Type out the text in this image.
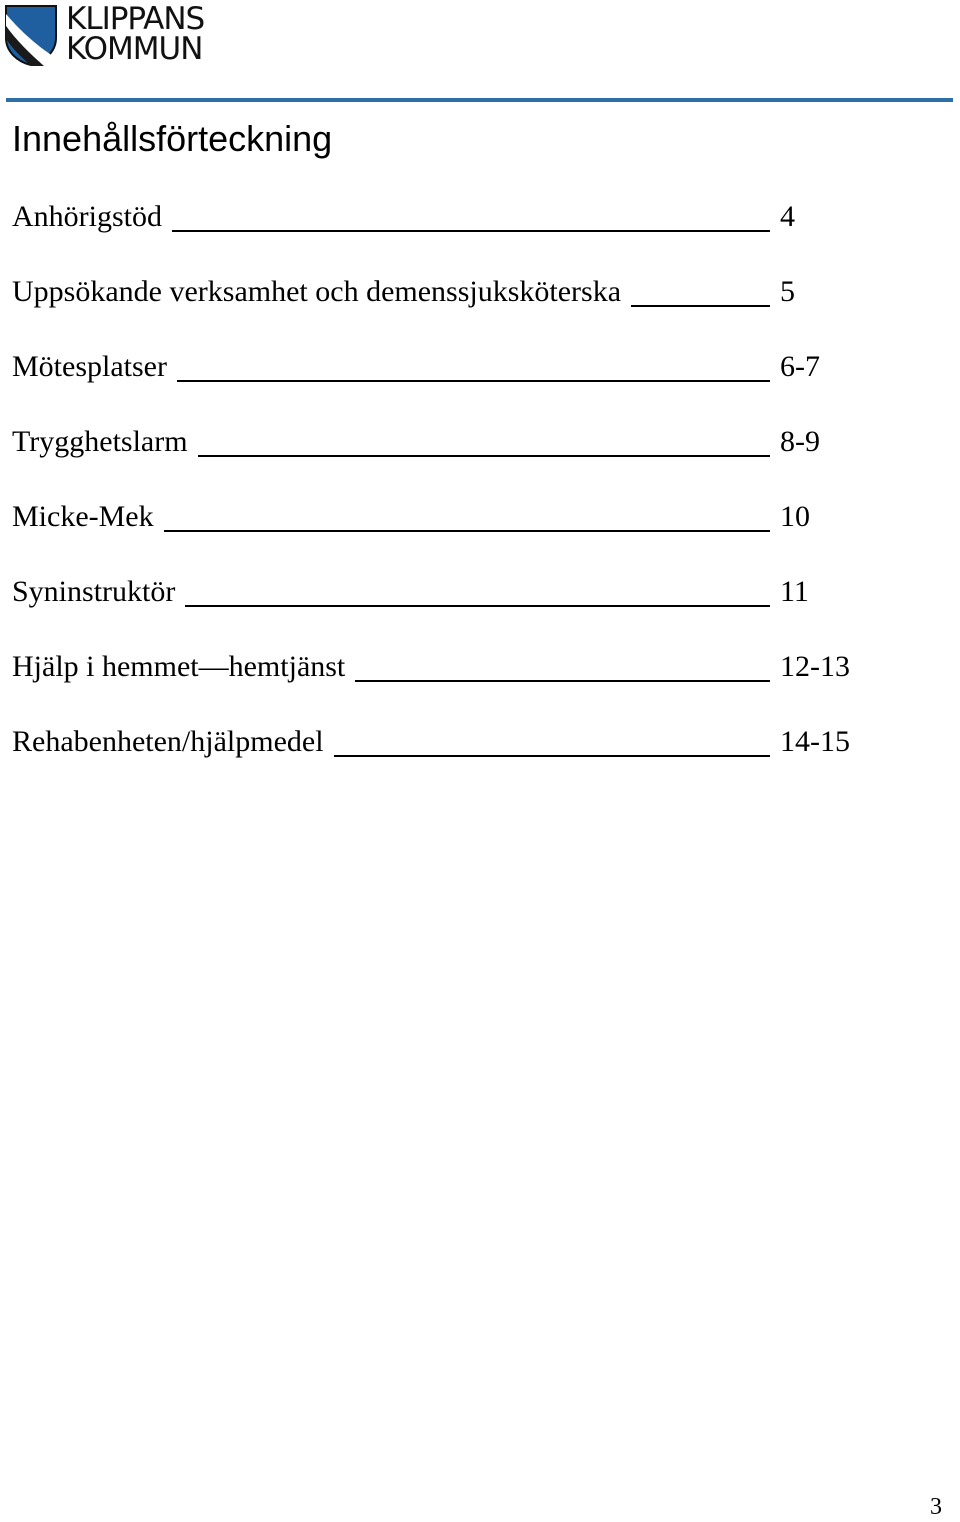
KLIPPANS
KOMMUN
Innehållsförteckning
Anhörigstöd	4
Uppsökande verksamhet och demenssjuksköterska	5
Mötesplatser	6-7
Trygghetslarm	8-9
Micke-Mek	10
Syninstruktör	11
Hjälp i hemmet—hemtjänst	12-13
Rehabenheten/hjälpmedel	14-15
3
